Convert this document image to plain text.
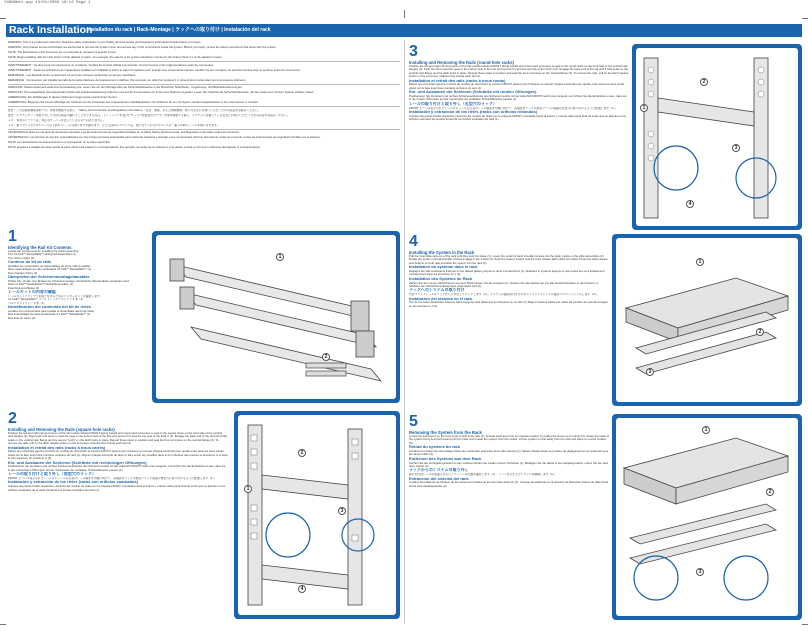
Y4666bk1.qxp 13/01/2009 16:12 Page 1
Rack Installation
Installation du rack | Rack-Montage | ラックへの取り付け | Instalación del rack
WARNING: This is a condensed reference. Read the safety instructions in your Safety, Environmental, and Regulatory Information booklet before you begin.
WARNING: Only trained service technicians are authorized to remove the system cover and access any of the components inside the system. Before you begin, review the safety instructions that came with the system.
NOTE: The illustrations in this document are not intended to represent a specific server.
NOTE: Begin installing rails from the bottom of the allotted U space. For example, the rails for a 1U system should be mounted in the bottom three U's of the allotted U space.
AVERTISSEMENT : Ce document est uniquement un condensé. Veuillez lire le livret intitulé à la sécurité, l'environnement et les réglementations avant de commencer.
AVERTISSEMENT : Seuls les techniciens de maintenance qualifiés sont habilités à retirer le capot du système pour accéder aux composants internes. Veuillez lire les consignes de sécurité fournies avec le système avant de commencer.
REMARQUE : Les illustrations de ce document ne sont pas censées représenter un serveur spécifique.
REMARQUE : Commencez par installer les rails de la partie inférieure de l'espacement U attribué. Par exemple, les rails d'un système 1 U doivent être montés dans les trois espaces inférieurs.
WARNUNG: Dieses Dokument stellt eine Kurzanleitung dar. Lesen Sie vor der Montage bitte die Sicherheitshinweise in der Broschüre Sicherheits-, Umgebungs- und Betriebsbestimmungen.
WARNUNG: Nur ausgebildete Servicetechniker dürfen die Gehäuseabdeckung entfernen und auf die Komponenten im Innern des Systems zugreifen. Lesen Sie zunächst die Sicherheitshinweise, die Sie zusammen mit dem System erhalten haben.
ANMERKUNG: Die Abbildungen in diesem Dokument zeigen keinen bestimmten Server.
ANMERKUNG: Beginnen Sie bei der Montage der Schienen an der Unterseite des vorgesehenen U-Einbauplatzes. Die Schienen für ein 1U-System werden beispielsweise in den drei unteren U montiert.
警告：これは簡易参照資料です。作業を開始する前に、『Safety, Environmental, and Regulatory Information』（安全、環境、および規制情報）冊子の安全にお使いいただくための注意をお読みください。
警告：システムカバーを取り外して内部の部品に触れることができるのは、トレーニングを受けたサービス技術者だけです。作業を開始する前に、システムに付属している安全にお使いいただくための注意をお読みください。
メモ：本書のイラストは、特定のサーバーを表しているものではありません。
メモ：割り当てられたUスペースの下部からレールの取り付けを始めます。たとえば1Uシステムでは、割り当てられたUスペースの一番下の3Uにレールを取り付けます。
ADVERTENCIA: Ésta es una guía de referencia resumida. Lea las instrucciones de seguridad incluidas en el folleto Safety, Environmental, and Regulatory Information antes de comenzar.
ADVERTENCIA: Los técnicos de servicio especializados son las únicas personas autorizadas para retirar las cubiertas y acceder a los componentes internos del sistema. Antes de empezar, revise las instrucciones de seguridad incluidas con el sistema.
NOTA: Las ilustraciones de este documento no representan un servidor específico.
NOTA: Empiece a instalar los rieles desde la parte inferior del espacio U correspondiente. Por ejemplo, los rieles de un sistema 1 U se deben montar en los tres U inferiores del espacio U correspondiente.
1
Identifying the Rail Kit Contents
Locate the components for installing the rail kit assembly:
Two C1 Dell™ ReadyRails™ sliding rail assemblies (1)
Two Velcro straps (2)
Contenu du kit de rails
Identifiez les composants de l'assemblage du kit de rails à installer :
Deux assemblages de rails coulissants C1 Dell™ ReadyRails™ (1)
Deux bandes Velcro (2)
Überprüfen der Schienenmontagebausätze
Prüfen Sie, ob alle zum Einbau der Schienenmontage erforderlichen Bestandteile vorhanden sind:
Zwei C1 Dell™ ReadyRails™-Gleitschienensätze (1)
Zwei Klettverschlüsse (2)
レールキットの内容の確認
レールキットアセンブリを取り付けるためのコンポーネントを確認します：
C1 Dell™ ReadyRails™ スライドレールアセンブリ 2 本（1）
ベルクロストラップ 2 本（2）
Identificación del contenido del kit de rieles
Localice los componentes para instalar el ensamblaje del kit de rieles:
Dos ensamblajes de rieles deslizantes C1 Dell™ ReadyRails™ (1)
Dos tiras de velcro (2)
1
2
2
Installing and Removing the Rails (square-hole racks)
Position the left and right rail end pieces of the rail module labeled FRONT facing inward and orient each end piece to seat in the square holes on the front side of the vertical rack flanges (1). Align each end piece to seat the pegs in the bottom hole of the first and second U's and the top hole of the third U (2). Engage the back end of the rail until it fully seats on the vertical rack flange and the secure "tooth" on the latch locks in place. Repeat these steps to position and seat the front end piece on the vertical flange (3). To remove the rails, pull on the latch release button on the end piece midpoint and unseat each rail (4).
Installation et retrait des rails (racks à trous carrés)
Placez les extrémités gauche et droite du module de rail portant la mention FRONT (avant) vers l'intérieur et orientez chaque extrémité pour qu'elle entre dans les trous carrés situés sur la face avant des montants verticaux du rack (1). Alignez chaque extrémité de façon à faire entrer les chevilles dans le trou inférieur des premier et deuxième U et dans le trou supérieur du troisième U (2).
Ein- und Ausbauen der Schienen (Schränke mit rechteckigen Öffnungen)
Positionieren Sie die linken und rechten Schienenendstücke des Schienenmoduls mit der Aufschrift FRONT nach innen zeigend, und richten Sie die Endstücke so aus, dass sie in die rechteckigen Öffnungen auf der Vorderseite der vertikalen Schrankflansche passen (1).
レールの取り付けと取り外し（角型穴のラック）
FRONT とラベル表示されたレールモジュールの左右のレール端部を内側に向けて、各端部をラックの垂直フランジ前面の角型穴に取り付けるように配置します（1）。
Instalación y extracción de los rieles (racks con orificios cuadrados)
Coloque las piezas finales izquierda y derecha del módulo de rieles con la etiqueta FRONT orientadas hacia el interior y oriente cada pieza final de modo que se asiente en los orificios cuadrados de la parte frontal de los bordes verticales del rack (1).	1
2
3
4
3
Installing and Removing the Rails (round-hole racks)
Position the left and right rail end pieces of the rail module labeled FRONT facing inward and orient each end piece to seat in the round holes on the front side of the vertical rack flanges (1). Push the rail to seat the pegs in the bottom hole of the first and second U's and the top hole of the third U (2). Engage the back end of the rail until it fully seats on the vertical rack flange and the latch locks in place. Repeat these steps to position and seat the front end piece on the vertical flange (3). To remove the rails, pull on the latch release button on the end piece midpoint and unseat each rail (4).
Installation et retrait des rails (racks à trous ronds)
Placez les extrémités gauche et droite du module de rail portant la mention FRONT (avant) vers l'intérieur et orientez chaque extrémité pour qu'elle entre dans les trous ronds situés sur la face avant des montants verticaux du rack (1).
Ein- und Ausbauen der Schienen (Schränke mit runden Öffnungen)
Positionieren Sie die linken und rechten Schienenendstücke des Schienenmoduls mit der Aufschrift FRONT nach innen zeigend, und richten Sie die Endstücke so aus, dass sie in die runden Öffnungen auf der Vorderseite der vertikalen Schrankflansche passen (1).
レールの取り付けと取り外し（丸型穴のラック）
FRONT とラベル表示されたレールモジュールの左右のレール端部を内側に向けて、各端部をラックの垂直フランジ前面の丸型穴に取り付けるように配置します（1）。
Instalación y extracción de los rieles (racks con orificios redondos)
Coloque las piezas finales izquierda y derecha del módulo de rieles con la etiqueta FRONT orientadas hacia el interior y oriente cada pieza final de modo que se asiente en los orificios redondos de la parte frontal de los bordes verticales del rack (1).
1
2
3
4
4
Installing the System in the Rack
Pull the inner slide rails out of the rack until they lock into place (1). Lower the system's back shoulder screws into the back J-slots on the slide assemblies (2). Rotate the system until all shoulder screws engage in the J-slots (3). Push the system inward until the front release latch clicks into place. Press the slide release lock buttons on both rails and slide the system into the rack (4).
Installation du système dans le rack
Dégagez les rails coulissants internes en les faisant glisser jusqu'à ce qu'ils s'enclenchent (1). Abaissez le système jusqu'à ce que toutes les vis à épaulement s'enclenchent dans les encoches en J (2).
Installation des Systems im Rack
Ziehen Sie die inneren Gleitschienen aus dem Rack heraus, bis sie einrasten (1). Senken Sie das System ab, bis alle Ansatzschrauben in den hinteren J-Schlitzen der Gleitschienenbaugruppe eingerastet sind (2).
ラックへのシステムの取り付け
内部スライドレールをラックから引き出してロックします（1）。システムの後部肩付きネジをスライドアセンブリの後部 J スロットに下ろします（2）。
Instalación del sistema en el rack
Tire de los rieles deslizantes internos hacia fuera del rack hasta que se bloqueen en su sitio (1). Baje el sistema hasta que todos los tornillos de reborde encajen en las ranuras en J (2).
1
2
3
5
Removing the System from the Rack
Locate the lock levers on the front ends of both inner rails (1). Actuate each lever into the release position by pulling the levers up to unlock (2). Grasp the sides of the system firmly and pull forward until it is clear and unseat the system from the J-slots. Lift the system up and away from the rack and place on a level surface (3).
Retrait du système du rack
Localisez les leviers de verrouillage situés aux extrémités avant des deux rails internes (1). Mettez chaque levier en position de dégagement en le soulevant pour les déverrouiller (2).
Entfernen des Systems aus dem Rack
Suchen Sie die Verriegelungshebel an den vorderen Enden der beiden inneren Schienen (1). Betätigen Sie die Hebel in die Freigabeposition, indem Sie sie nach oben ziehen (2).
ラックからのシステムの取り外し
両方の内部レールの前端にあるロックレバーの位置を確認します（1）。レバーを引き上げてロックを解除します（2）。
Extracción del sistema del rack
Localice las palancas de bloqueo de los extremos frontales de los dos rieles internos (1). Coloque las palancas en la posición de liberación tirando de ellas hacia arriba para desbloquearlas (2).
1
2
3
